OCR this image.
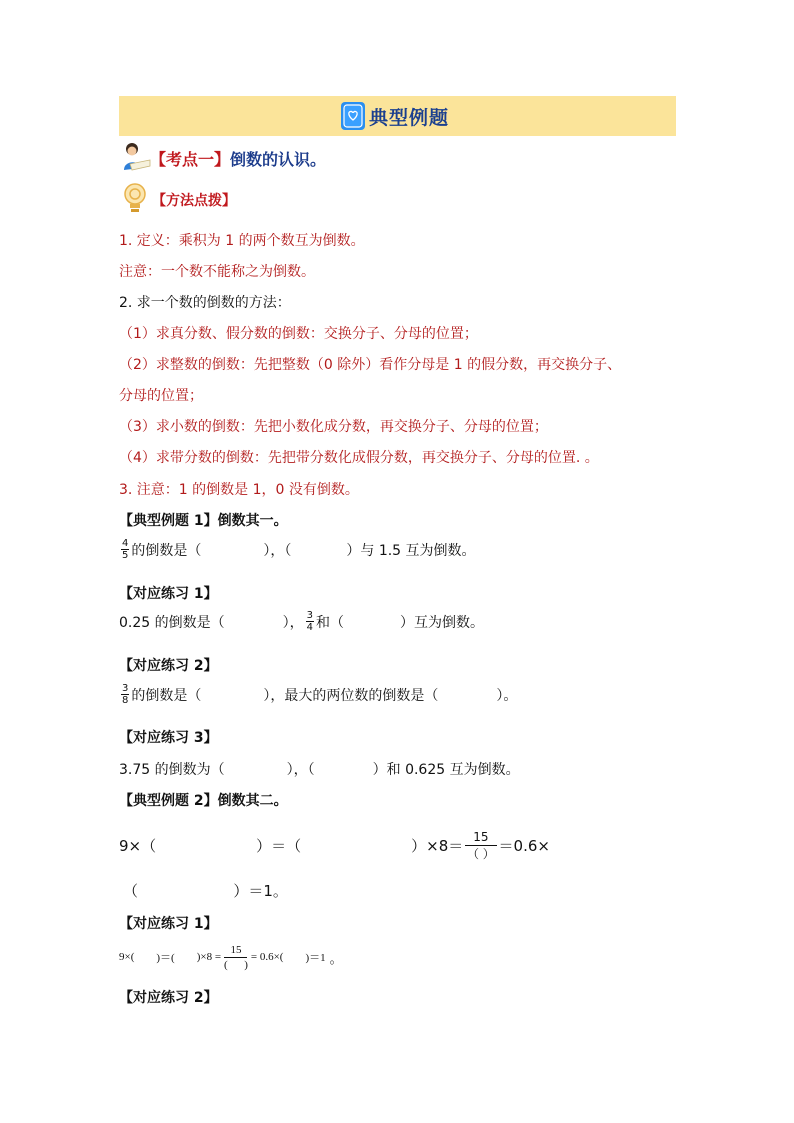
典型例题
【考点一】倒数的认识。
【方法点拨】
1. 定义：乘积为 1 的两个数互为倒数。
注意：一个数不能称之为倒数。
2. 求一个数的倒数的方法：
（1）求真分数、假分数的倒数：交换分子、分母的位置；
（2）求整数的倒数：先把整数（0 除外）看作分母是 1 的假分数，再交换分子、
分母的位置；
（3）求小数的倒数：先把小数化成分数，再交换分子、分母的位置；
（4）求带分数的倒数：先把带分数化成假分数，再交换分子、分母的位置. 。
3. 注意：1 的倒数是 1，0 没有倒数。
【典型例题 1】倒数其一。
$\frac{4}{5}$ 的倒数是（	），（	）与 1.5 互为倒数。
【对应练习 1】
0.25 的倒数是（	）， $\frac{3}{4}$ 和（	）互为倒数。
【对应练习 2】
$\frac{3}{8}$ 的倒数是（	），最大的两位数的倒数是（	）。
【对应练习 3】
3.75 的倒数为（	），（	）和 0.625 互为倒数。
【典型例题 2】倒数其二。
9×（	）＝（	）×8＝ 15
（ ） ＝0.6×
（                    ）＝1。
【对应练习 1】
9×( )＝( )×8 =
15
(      )
= 0.6×( )＝1 。
【对应练习 2】
